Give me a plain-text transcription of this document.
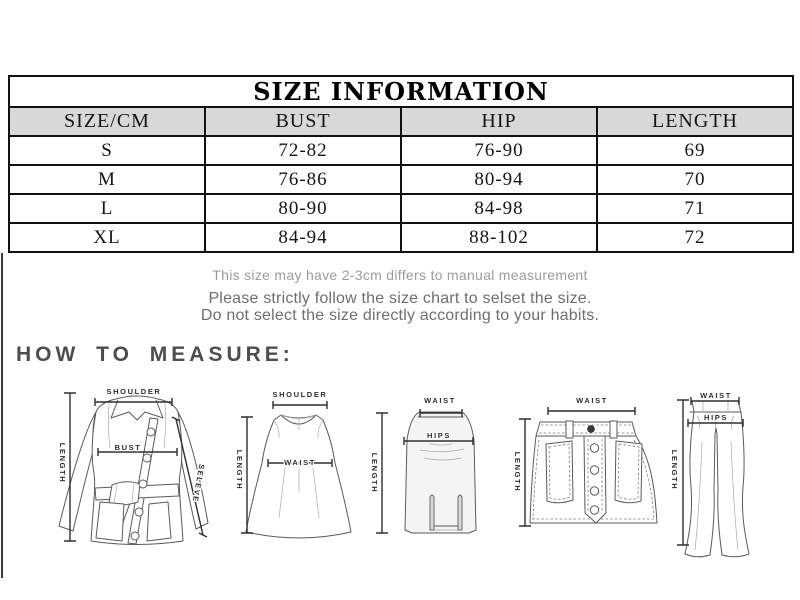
SIZE INFORMATION			
SIZE/CM	BUST	HIP	LENGTH
S	72-82	76-90	69
M	76-86	80-94	70
L	80-90	84-98	71
XL	84-94	88-102	72
This size may have 2-3cm differs to manual measurement
Please strictly follow the size chart to selset the size.
Do not select the size directly according to your habits.
HOW TO MEASURE:
SHOULDER
LENGTH	BUST
SELEVE
SHOULDER
LENGTH	WAIST
WAIST
HIPS
LENGTH
WAIST
LENGTH
WAIST
HIPS
LENGTH
